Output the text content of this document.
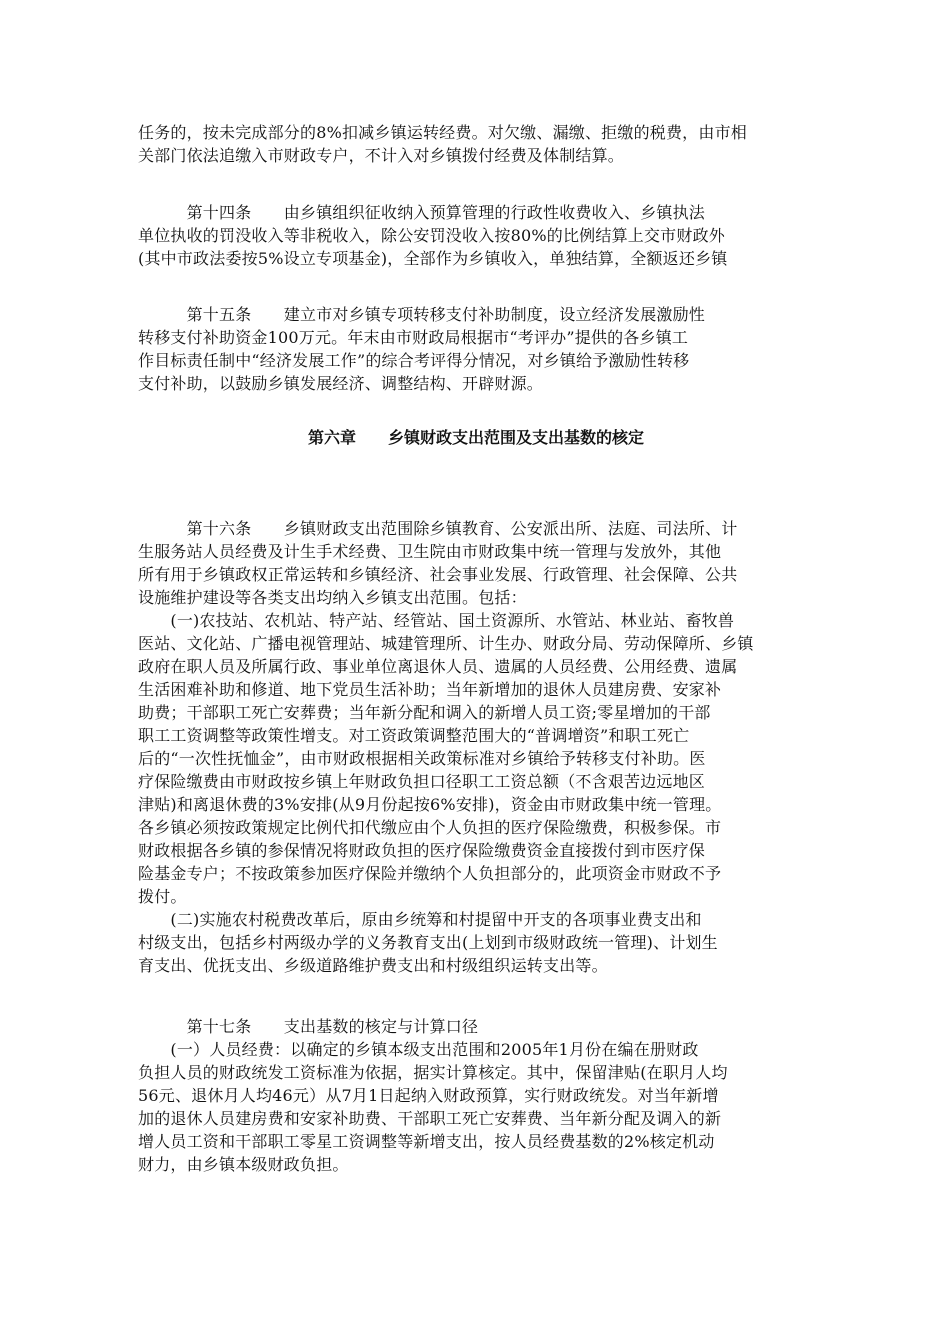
任务的，按未完成部分的8%扣减乡镇运转经费。对欠缴、漏缴、拒缴的税费，由市相
关部门依法追缴入市财政专户，不计入对乡镇拨付经费及体制结算。
　　　第十四条　　由乡镇组织征收纳入预算管理的行政性收费收入、乡镇执法
单位执收的罚没收入等非税收入，除公安罚没收入按80%的比例结算上交市财政外
(其中市政法委按5%设立专项基金)，全部作为乡镇收入，单独结算，全额返还乡镇
　　　第十五条　　建立市对乡镇专项转移支付补助制度，设立经济发展激励性
转移支付补助资金100万元。年末由市财政局根据市“考评办”提供的各乡镇工
作目标责任制中“经济发展工作”的综合考评得分情况，对乡镇给予激励性转移
支付补助，以鼓励乡镇发展经济、调整结构、开辟财源。
第六章　　乡镇财政支出范围及支出基数的核定
　　　第十六条　　乡镇财政支出范围除乡镇教育、公安派出所、法庭、司法所、计
生服务站人员经费及计生手术经费、卫生院由市财政集中统一管理与发放外，其他
所有用于乡镇政权正常运转和乡镇经济、社会事业发展、行政管理、社会保障、公共
设施维护建设等各类支出均纳入乡镇支出范围。包括：
　　(一)农技站、农机站、特产站、经管站、国土资源所、水管站、林业站、畜牧兽
医站、文化站、广播电视管理站、城建管理所、计生办、财政分局、劳动保障所、乡镇
政府在职人员及所属行政、事业单位离退休人员、遗属的人员经费、公用经费、遗属
生活困难补助和修道、地下党员生活补助；当年新增加的退休人员建房费、安家补
助费；干部职工死亡安葬费；当年新分配和调入的新增人员工资;零星增加的干部
职工工资调整等政策性增支。对工资政策调整范围大的“普调增资”和职工死亡
后的“一次性抚恤金”，由市财政根据相关政策标准对乡镇给予转移支付补助。医
疗保险缴费由市财政按乡镇上年财政负担口径职工工资总额（不含艰苦边远地区
津贴)和离退休费的3%安排(从9月份起按6%安排)，资金由市财政集中统一管理。
各乡镇必须按政策规定比例代扣代缴应由个人负担的医疗保险缴费，积极参保。市
财政根据各乡镇的参保情况将财政负担的医疗保险缴费资金直接拨付到市医疗保
险基金专户；不按政策参加医疗保险并缴纳个人负担部分的，此项资金市财政不予
拨付。
　　(二)实施农村税费改革后，原由乡统筹和村提留中开支的各项事业费支出和
村级支出，包括乡村两级办学的义务教育支出(上划到市级财政统一管理)、计划生
育支出、优抚支出、乡级道路维护费支出和村级组织运转支出等。
　　　第十七条　　支出基数的核定与计算口径
　　(一）人员经费：以确定的乡镇本级支出范围和2005年1月份在编在册财政
负担人员的财政统发工资标准为依据，据实计算核定。其中，保留津贴(在职月人均
56元、退休月人均46元）从7月1日起纳入财政预算，实行财政统发。对当年新增
加的退休人员建房费和安家补助费、干部职工死亡安葬费、当年新分配及调入的新
增人员工资和干部职工零星工资调整等新增支出，按人员经费基数的2%核定机动
财力，由乡镇本级财政负担。
